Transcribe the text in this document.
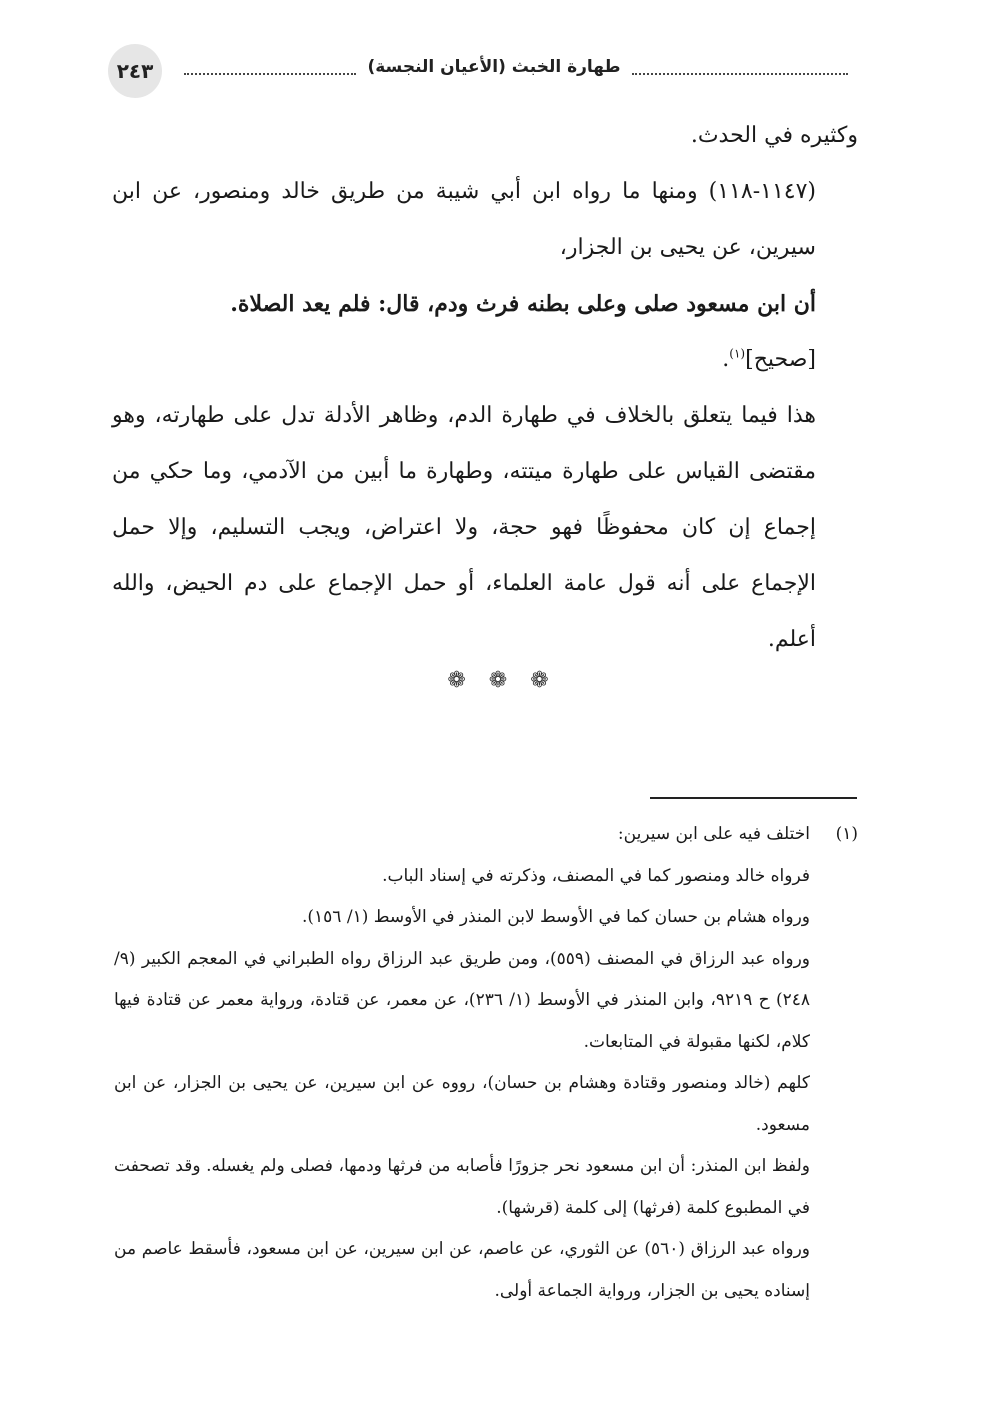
٢٤٣	طهارة الخبث (الأعيان النجسة)

وكثيره في الحدث.

(١١٤٧-١١٨) ومنها ما رواه ابن أبي شيبة من طريق خالد ومنصور، عن ابن سيرين، عن يحيى بن الجزار،

أن ابن مسعود صلى وعلى بطنه فرث ودم، قال: فلم يعد الصلاة.

[صحيح]$^{(١)}$.

هذا فيما يتعلق بالخلاف في طهارة الدم، وظاهر الأدلة تدل على طهارته، وهو مقتضى القياس على طهارة ميتته، وطهارة ما أبين من الآدمي، وما حكي من إجماع إن كان محفوظًا فهو حجة، ولا اعتراض، ويجب التسليم، وإلا حمل الإجماع على أنه قول عامة العلماء، أو حمل الإجماع على دم الحيض، والله أعلم.

❁ ❁ ❁

(١)اختلف فيه على ابن سيرين:

فرواه خالد ومنصور كما في المصنف، وذكرته في إسناد الباب.

ورواه هشام بن حسان كما في الأوسط لابن المنذر في الأوسط (١/ ١٥٦).

ورواه عبد الرزاق في المصنف (٥٥٩)، ومن طريق عبد الرزاق رواه الطبراني في المعجم الكبير (٩/ ٢٤٨) ح ٩٢١٩، وابن المنذر في الأوسط (١/ ٢٣٦)، عن معمر، عن قتادة، ورواية معمر عن قتادة فيها كلام، لكنها مقبولة في المتابعات.

كلهم (خالد ومنصور وقتادة وهشام بن حسان)، رووه عن ابن سيرين، عن يحيى بن الجزار، عن ابن مسعود.

ولفظ ابن المنذر: أن ابن مسعود نحر جزورًا فأصابه من فرثها ودمها، فصلى ولم يغسله. وقد تصحفت في المطبوع كلمة (فرثها) إلى كلمة (قرشها).

ورواه عبد الرزاق (٥٦٠) عن الثوري، عن عاصم، عن ابن سيرين، عن ابن مسعود، فأسقط عاصم من إسناده يحيى بن الجزار، ورواية الجماعة أولى.
